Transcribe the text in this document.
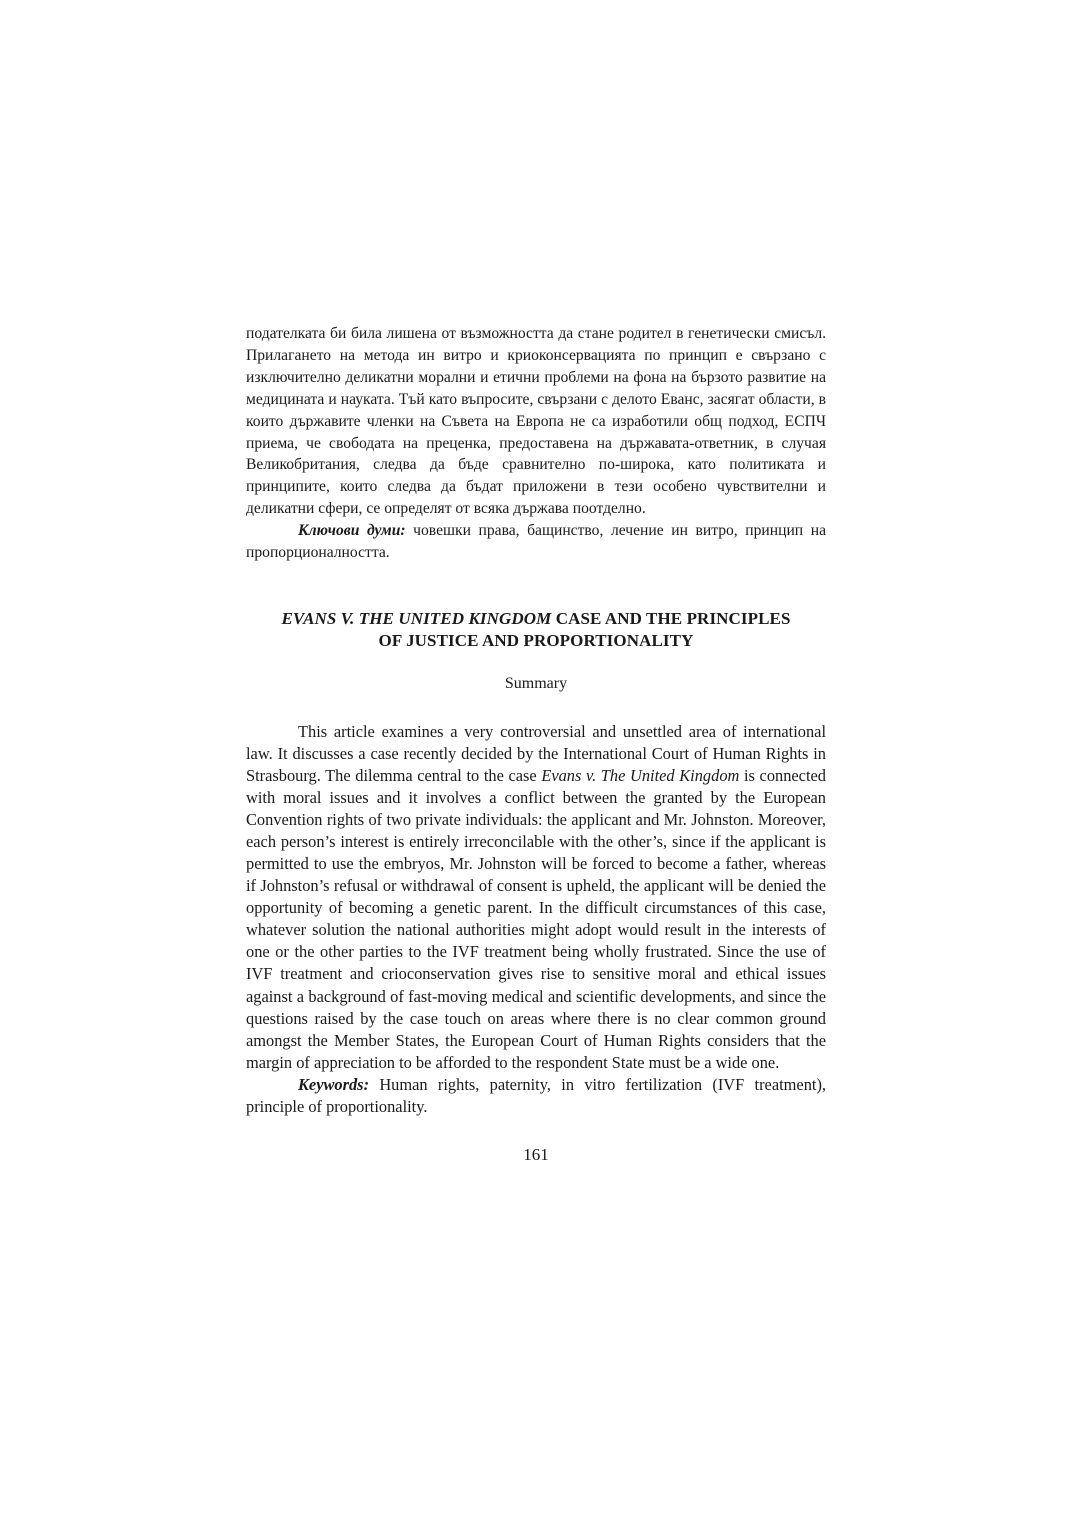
подателката би била лишена от възможността да стане родител в генетически смисъл. Прилагането на метода ин витро и криоконсервацията по принцип е свързано с изключително деликатни морални и етични проблеми на фона на бързото развитие на медицината и науката. Тъй като въпросите, свързани с делото Еванс, засягат области, в които държавите членки на Съвета на Европа не са изработили общ подход, ЕСПЧ приема, че свободата на преценка, предоставена на държавата-ответник, в случая Великобритания, следва да бъде сравнително по-широка, като политиката и принципите, които следва да бъдат приложени в тези особено чувствителни и деликатни сфери, се определят от всяка държава поотделно.

Ключови думи: човешки права, бащинство, лечение ин витро, принцип на пропорционалността.

EVANS V. THE UNITED KINGDOM CASE AND THE PRINCIPLES
OF JUSTICE AND PROPORTIONALITY
Summary

This article examines a very controversial and unsettled area of international law. It discusses a case recently decided by the International Court of Human Rights in Strasbourg. The dilemma central to the case Evans v. The United Kingdom is connected with moral issues and it involves a conflict between the granted by the European Convention rights of two private individuals: the applicant and Mr. Johnston. Moreover, each person’s interest is entirely irreconcilable with the other’s, since if the applicant is permitted to use the embryos, Mr. Johnston will be forced to become a father, whereas if Johnston’s refusal or withdrawal of consent is upheld, the applicant will be denied the opportunity of becoming a genetic parent. In the difficult circumstances of this case, whatever solution the national authorities might adopt would result in the interests of one or the other parties to the IVF treatment being wholly frustrated. Since the use of IVF treatment and crioconservation gives rise to sensitive moral and ethical issues against a background of fast-moving medical and scientific developments, and since the questions raised by the case touch on areas where there is no clear common ground amongst the Member States, the European Court of Human Rights considers that the margin of appreciation to be afforded to the respondent State must be a wide one.

Keywords: Human rights, paternity, in vitro fertilization (IVF treatment), principle of proportionality.

161
